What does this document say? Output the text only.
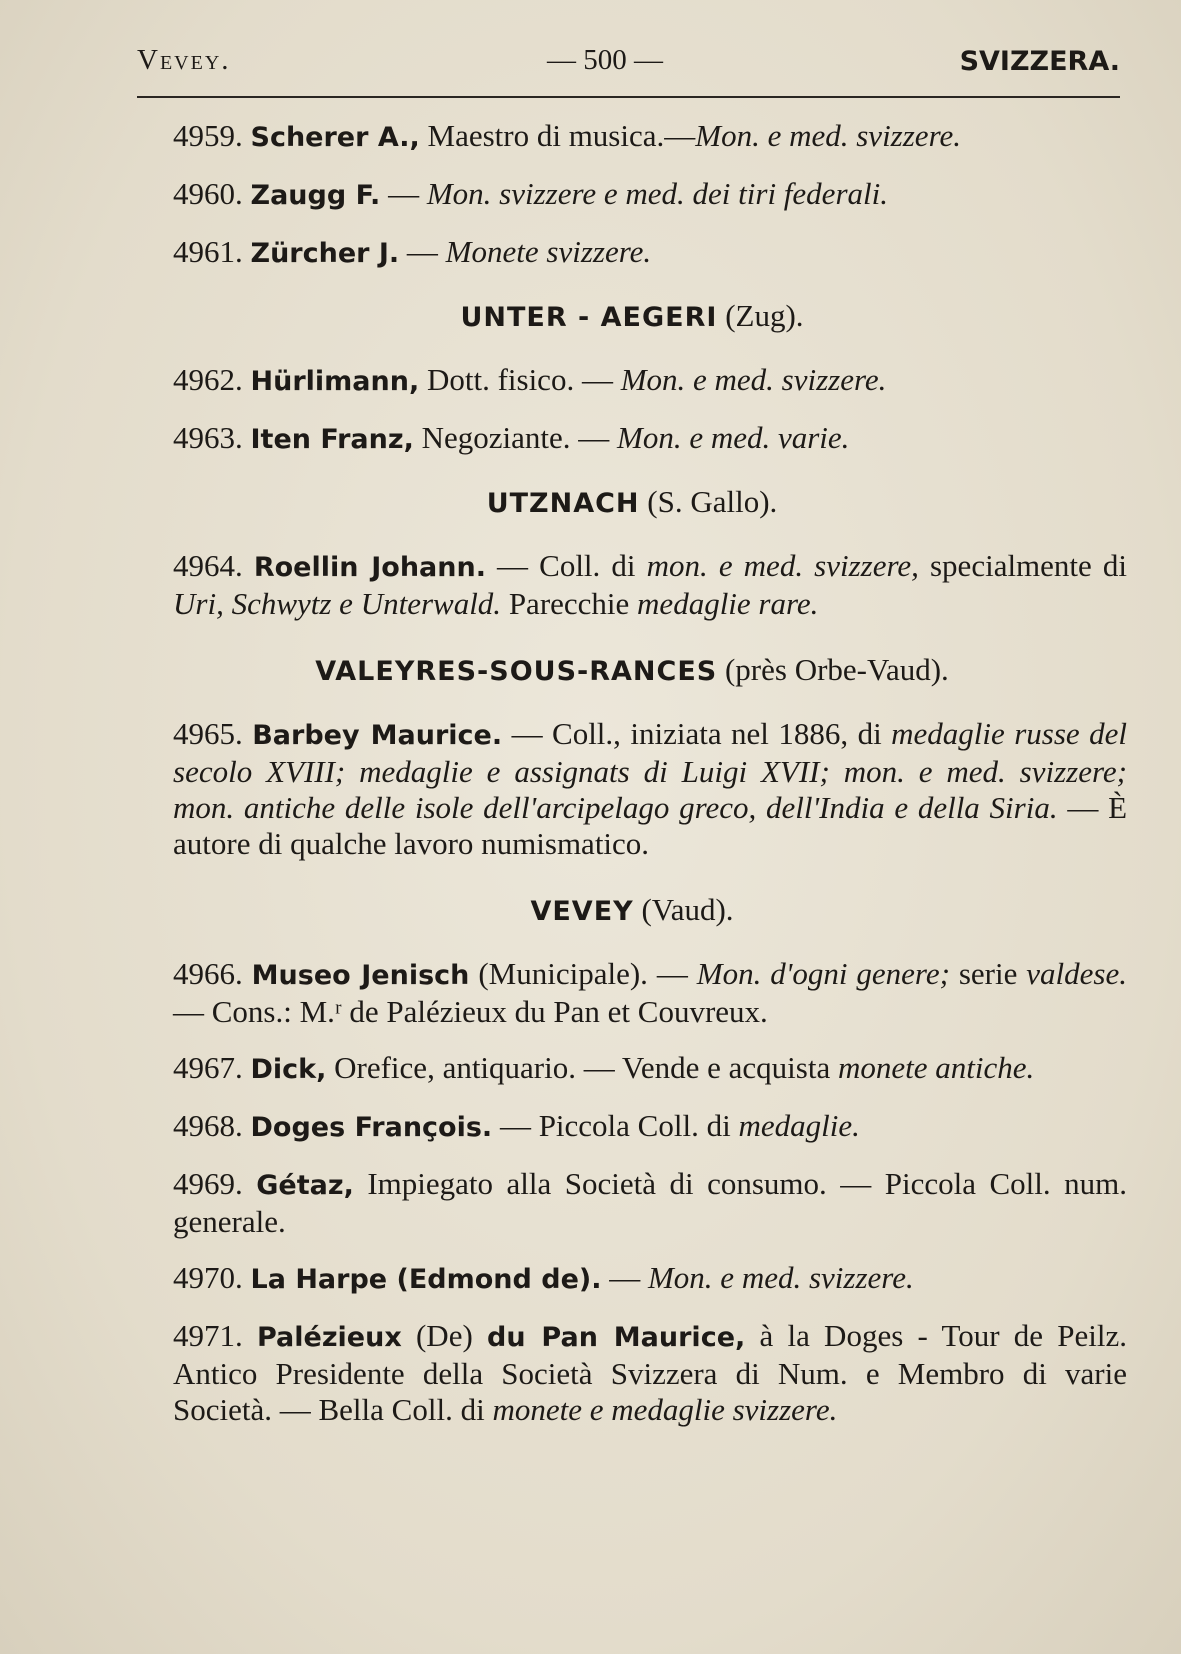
Vevey.	— 500 —	SVIZZERA.

4959. Scherer A., Maestro di musica.—Mon. e med. svizzere.

4960. Zaugg F. — Mon. svizzere e med. dei tiri federali.

4961. Zürcher J. — Monete svizzere.

UNTER - AEGERI (Zug).

4962. Hürlimann, Dott. fisico. — Mon. e med. svizzere.

4963. Iten Franz, Negoziante. — Mon. e med. varie.

UTZNACH (S. Gallo).

4964. Roellin Johann. — Coll. di mon. e med. svizzere, specialmente di Uri, Schwytz e Unterwald. Parecchie medaglie rare.

VALEYRES-SOUS-RANCES (près Orbe-Vaud).

4965. Barbey Maurice. — Coll., iniziata nel 1886, di medaglie russe del secolo XVIII; medaglie e assignats di Luigi XVII; mon. e med. svizzere; mon. antiche delle isole dell'arcipelago greco, dell'India e della Siria. — È autore di qualche lavoro numismatico.

VEVEY (Vaud).

4966. Museo Jenisch (Municipale). — Mon. d'ogni genere; serie valdese. — Cons.: M.ʳ de Palézieux du Pan et Couvreux.

4967. Dick, Orefice, antiquario. — Vende e acquista monete antiche.

4968. Doges François. — Piccola Coll. di medaglie.

4969. Gétaz, Impiegato alla Società di consumo. — Piccola Coll. num. generale.

4970. La Harpe (Edmond de). — Mon. e med. svizzere.

4971. Palézieux (De) du Pan Maurice, à la Doges - Tour de Peilz. Antico Presidente della Società Svizzera di Num. e Membro di varie Società. — Bella Coll. di monete e medaglie svizzere.
